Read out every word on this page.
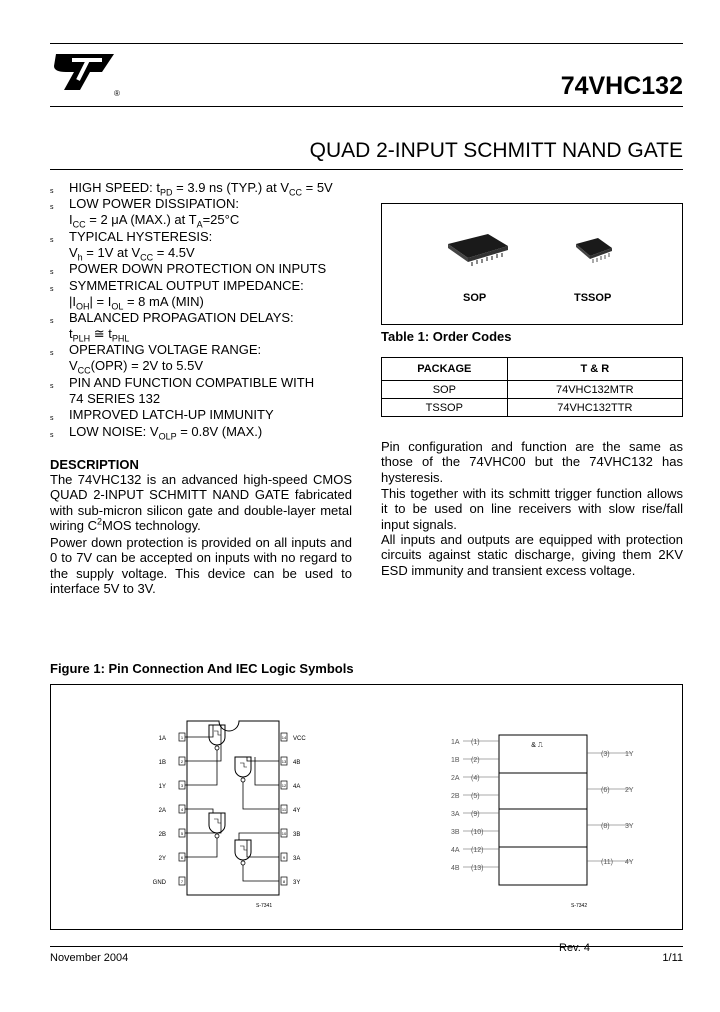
®	74VHC132
QUAD 2-INPUT SCHMITT NAND GATE
s HIGH SPEED: $t_{PD} = 3.9$ ns (TYP.) at $V_{CC} = 5V$
s LOW POWER DISSIPATION:
$I_{CC} = 2$ μA (MAX.) at $T_A=25^\circ C$
s TYPICAL HYSTERESIS:
$V_h = 1V$ at $V_{CC} = 4.5V$
s POWER DOWN PROTECTION ON INPUTS
s SYMMETRICAL OUTPUT IMPEDANCE:
$|I_{OH}| = I_{OL} = 8$ mA (MIN)
s BALANCED PROPAGATION DELAYS:
$t_{PLH}$ ≅ $t_{PHL}$
s OPERATING VOLTAGE RANGE:
$V_{CC}(OPR) = 2V$ to 5.5V
s PIN AND FUNCTION COMPATIBLE WITH
74 SERIES 132
s IMPROVED LATCH-UP IMMUNITY
s LOW NOISE: $V_{OLP} = 0.8V$ (MAX.)
DESCRIPTION
The 74VHC132 is an advanced high-speed CMOS QUAD 2-INPUT SCHMITT NAND GATE fabricated with sub-micron silicon gate and double-layer metal wiring $C^2MOS$ technology.
Power down protection is provided on all inputs and 0 to 7V can be accepted on inputs with no regard to the supply voltage. This device can be used to interface 5V to 3V.
SOP	TSSOP
Table 1: Order Codes
PACKAGE	T & R
SOP	74VHC132MTR
TSSOP	74VHC132TTR
Pin configuration and function are the same as those of the 74VHC00 but the 74VHC132 has hysteresis.
This together with its schmitt trigger function allows it to be used on line receivers with slow rise/fall input signals.
All inputs and outputs are equipped with protection circuits against static discharge, giving them 2KV ESD immunity and transient excess voltage.
Figure 1: Pin Connection And IEC Logic Symbols
1A	1
1B	2
1Y	3
2A	4
2B	5
2Y	6
GND	7
14 VCC
13 4B
12 4A
11 4Y
10 3B
9 3A
8 3Y
S-7341
& ⎍
1A (1)
1B (2)
2A (4)
2B (5)
3A (9)
3B (10)
4A (12)
4B (13)
(3) 1Y
(6) 2Y
(8) 3Y
(11) 4Y
S-7342
Rev. 4
November 2004	1/11
